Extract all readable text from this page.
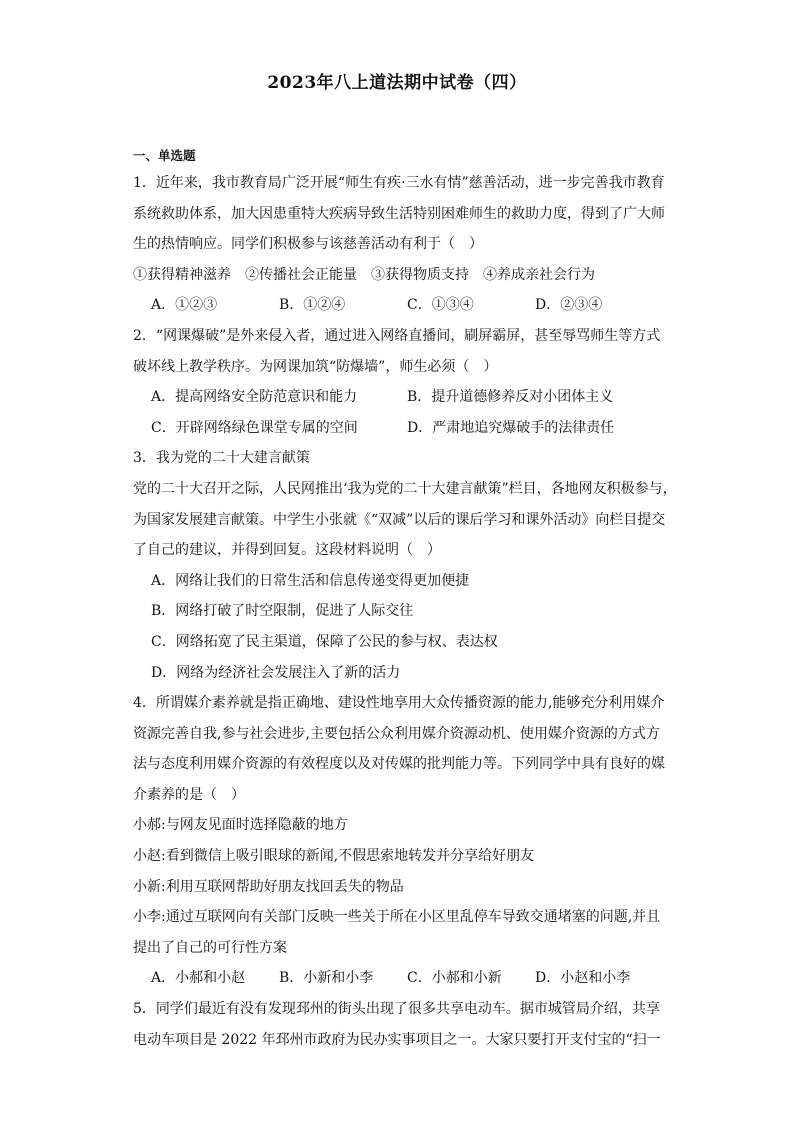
2023年八上道法期中试卷（四）
一、单选题
1．近年来，我市教育局广泛开展“师生有疾·三水有情”慈善活动，进一步完善我市教育
系统救助体系，加大因患重特大疾病导致生活特别困难师生的救助力度，得到了广大师
生的热情响应。同学们积极参与该慈善活动有利于（　）
①获得精神滋养　②传播社会正能量　③获得物质支持　④养成亲社会行为
A．①②③	B．①②④	C．①③④	D．②③④
2．“网课爆破”是外来侵入者，通过进入网络直播间，刷屏霸屏，甚至辱骂师生等方式
破坏线上教学秩序。为网课加筑“防爆墙”，师生必须（　）
A．提高网络安全防范意识和能力	B．提升道德修养反对小团体主义
C．开辟网络绿色课堂专属的空间	D．严肃地追究爆破手的法律责任
3．我为党的二十大建言献策
党的二十大召开之际，人民网推出‘我为党的二十大建言献策”栏目，各地网友积极参与，
为国家发展建言献策。中学生小张就《“双减”以后的课后学习和课外活动》向栏目提交
了自己的建议，并得到回复。这段材料说明（　）
A．网络让我们的日常生活和信息传递变得更加便捷
B．网络打破了时空限制，促进了人际交往
C．网络拓宽了民主渠道，保障了公民的参与权、表达权
D．网络为经济社会发展注入了新的活力
4．所谓媒介素养就是指正确地、建设性地享用大众传播资源的能力,能够充分利用媒介
资源完善自我,参与社会进步,主要包括公众利用媒介资源动机、使用媒介资源的方式方
法与态度利用媒介资源的有效程度以及对传媒的批判能力等。下列同学中具有良好的媒
介素养的是（　）
小郝:与网友见面时选择隐蔽的地方
小赵:看到微信上吸引眼球的新闻,不假思索地转发并分享给好朋友
小新:利用互联网帮助好朋友找回丢失的物品
小李:通过互联网向有关部门反映一些关于所在小区里乱停车导致交通堵塞的问题,并且
提出了自己的可行性方案
A．小郝和小赵	B．小新和小李	C．小郝和小新	D．小赵和小李
5．同学们最近有没有发现邳州的街头出现了很多共享电动车。据市城管局介绍，共享
电动车项目是 2022 年邳州市政府为民办实事项目之一。大家只要打开支付宝的“扫一
